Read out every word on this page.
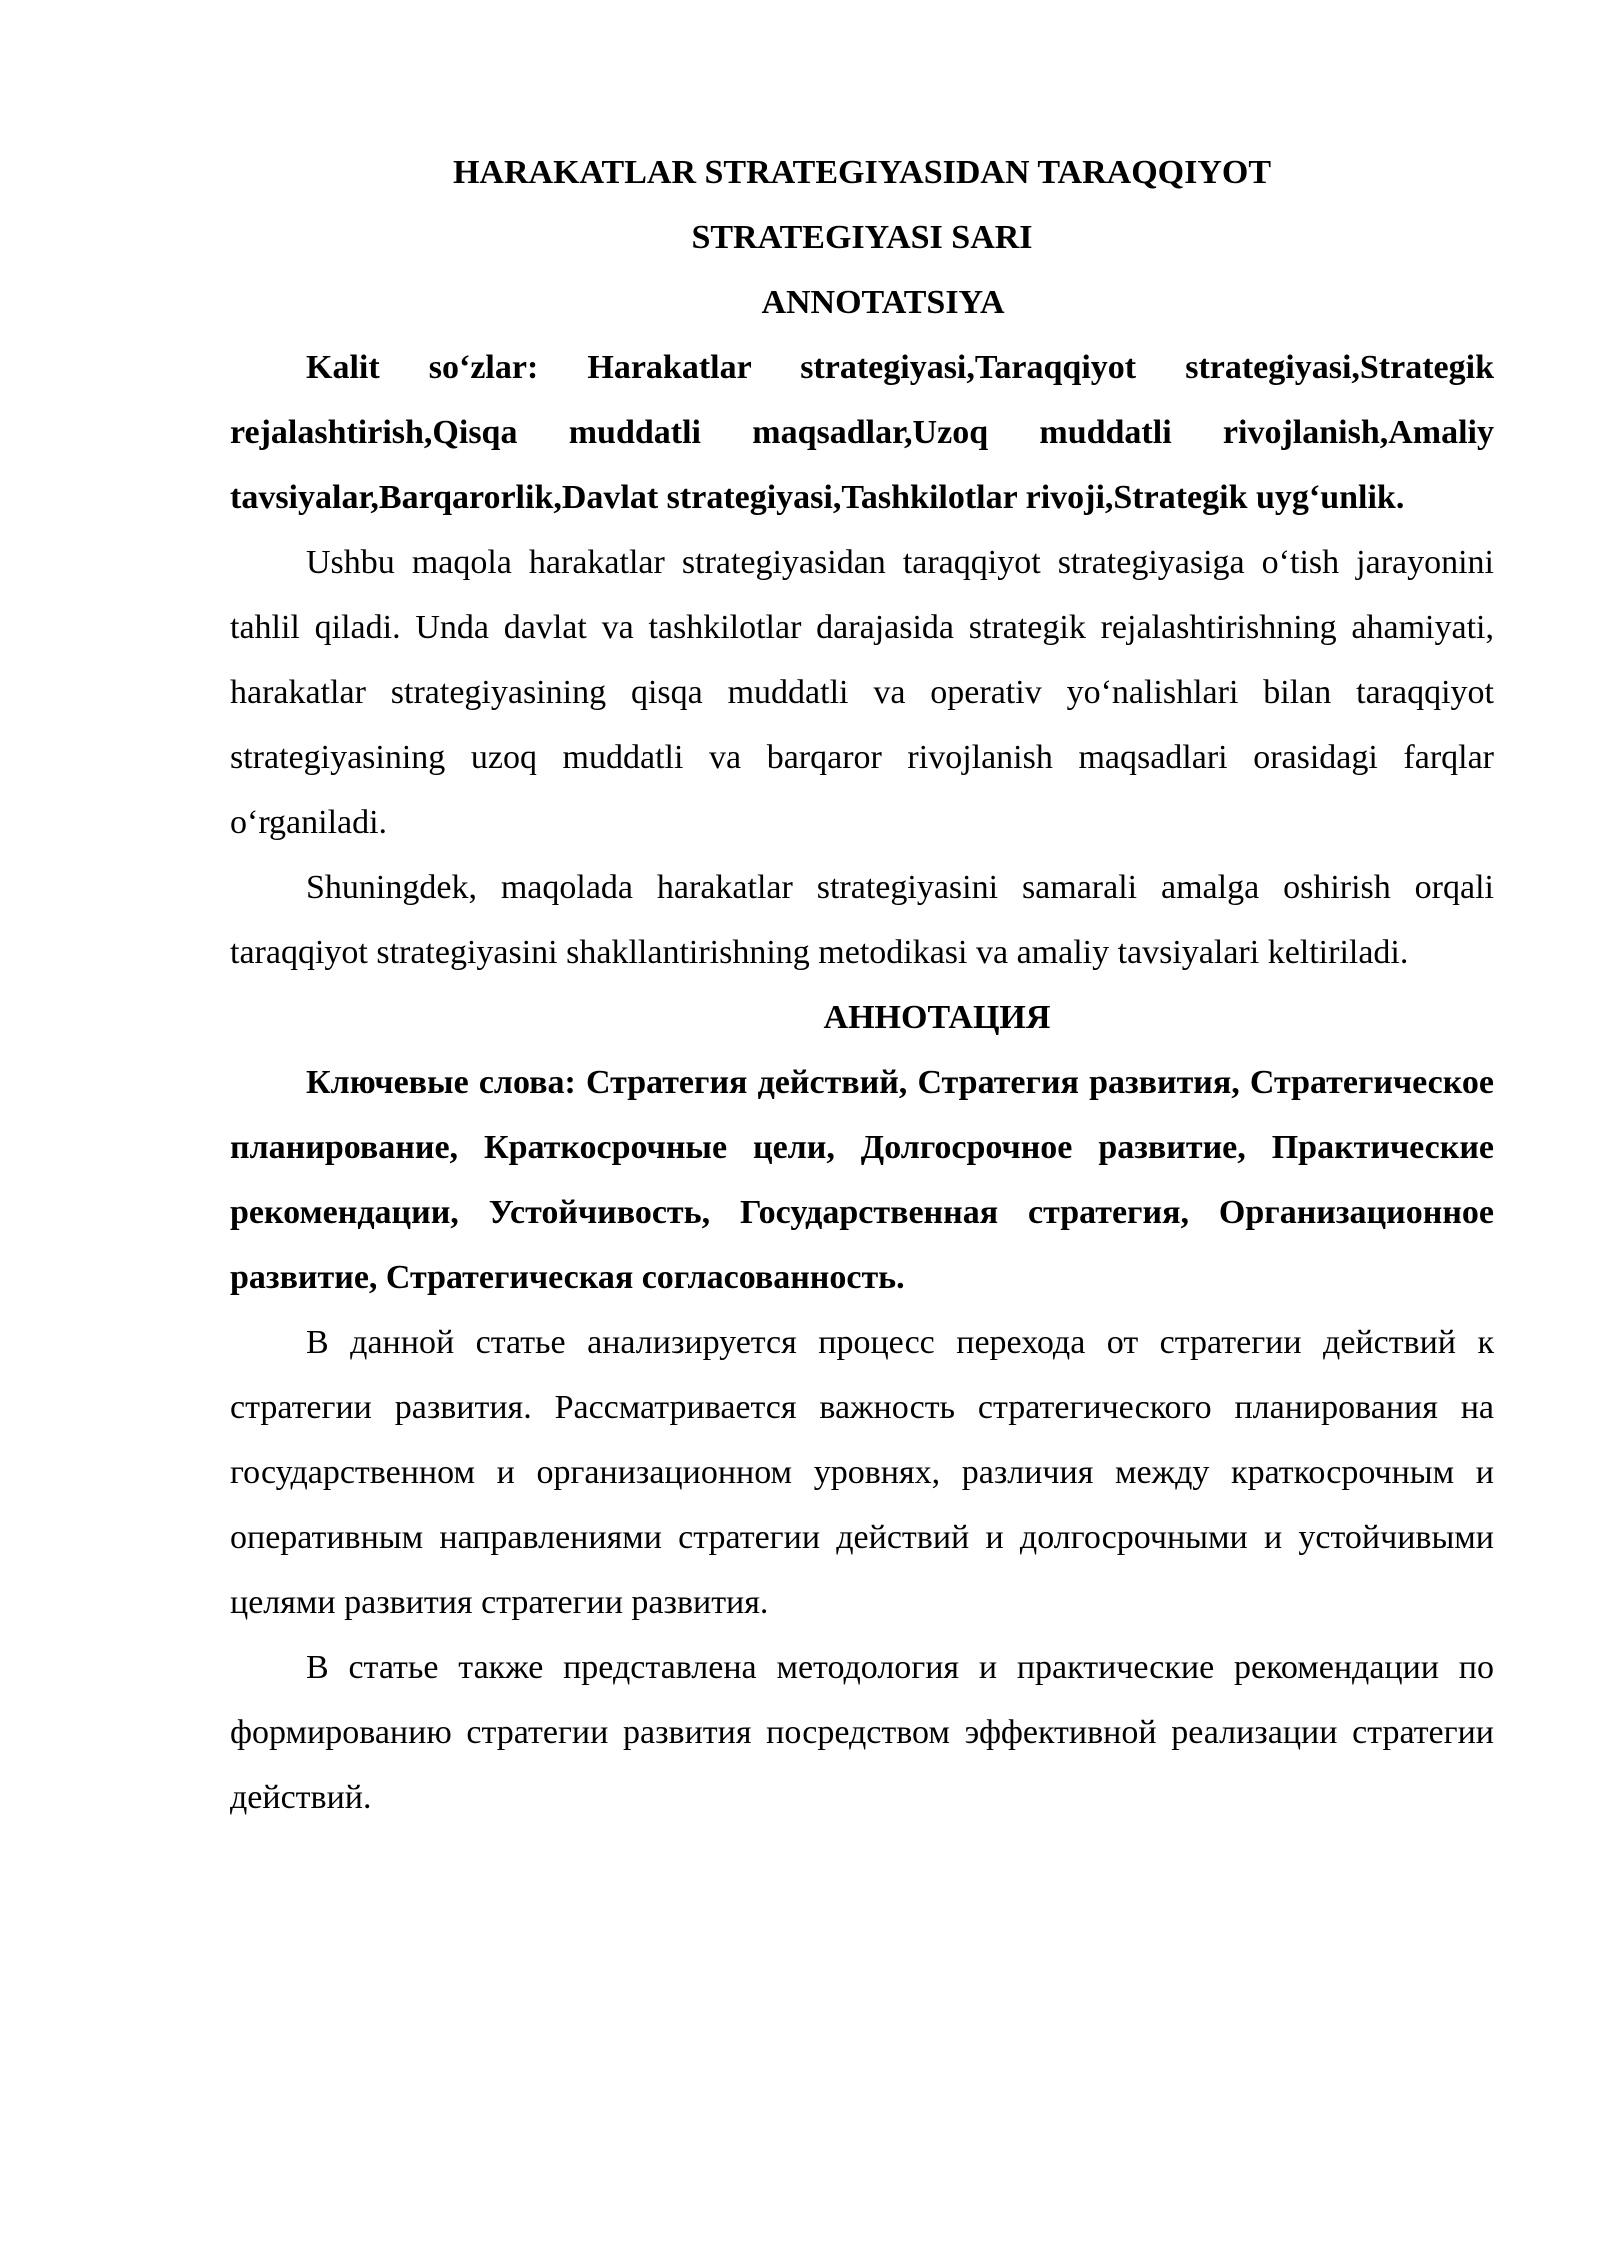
HARAKATLAR STRATEGIYASIDAN TARAQQIYOT
STRATEGIYASI SARI
ANNOTATSIYA

Kalit so‘zlar: Harakatlar strategiyasi,Taraqqiyot strategiyasi,Strategik rejalashtirish,Qisqa muddatli maqsadlar,Uzoq muddatli rivojlanish,Amaliy tavsiyalar,Barqarorlik,Davlat strategiyasi,Tashkilotlar rivoji,Strategik uyg‘unlik.

Ushbu maqola harakatlar strategiyasidan taraqqiyot strategiyasiga o‘tish jarayonini tahlil qiladi. Unda davlat va tashkilotlar darajasida strategik rejalashtirishning ahamiyati, harakatlar strategiyasining qisqa muddatli va operativ yo‘nalishlari bilan taraqqiyot strategiyasining uzoq muddatli va barqaror rivojlanish maqsadlari orasidagi farqlar o‘rganiladi.

Shuningdek, maqolada harakatlar strategiyasini samarali amalga oshirish orqali taraqqiyot strategiyasini shakllantirishning metodikasi va amaliy tavsiyalari keltiriladi.

АННОТАЦИЯ

Ключевые слова: Стратегия действий, Стратегия развития, Стратегическое планирование, Краткосрочные цели, Долгосрочное развитие, Практические рекомендации, Устойчивость, Государственная стратегия, Организационное развитие, Стратегическая согласованность.

В данной статье анализируется процесс перехода от стратегии действий к стратегии развития. Рассматривается важность стратегического планирования на государственном и организационном уровнях, различия между краткосрочным и оперативным направлениями стратегии действий и долгосрочными и устойчивыми целями развития стратегии развития.

В статье также представлена методология и практические рекомендации по формированию стратегии развития посредством эффективной реализации стратегии действий.
